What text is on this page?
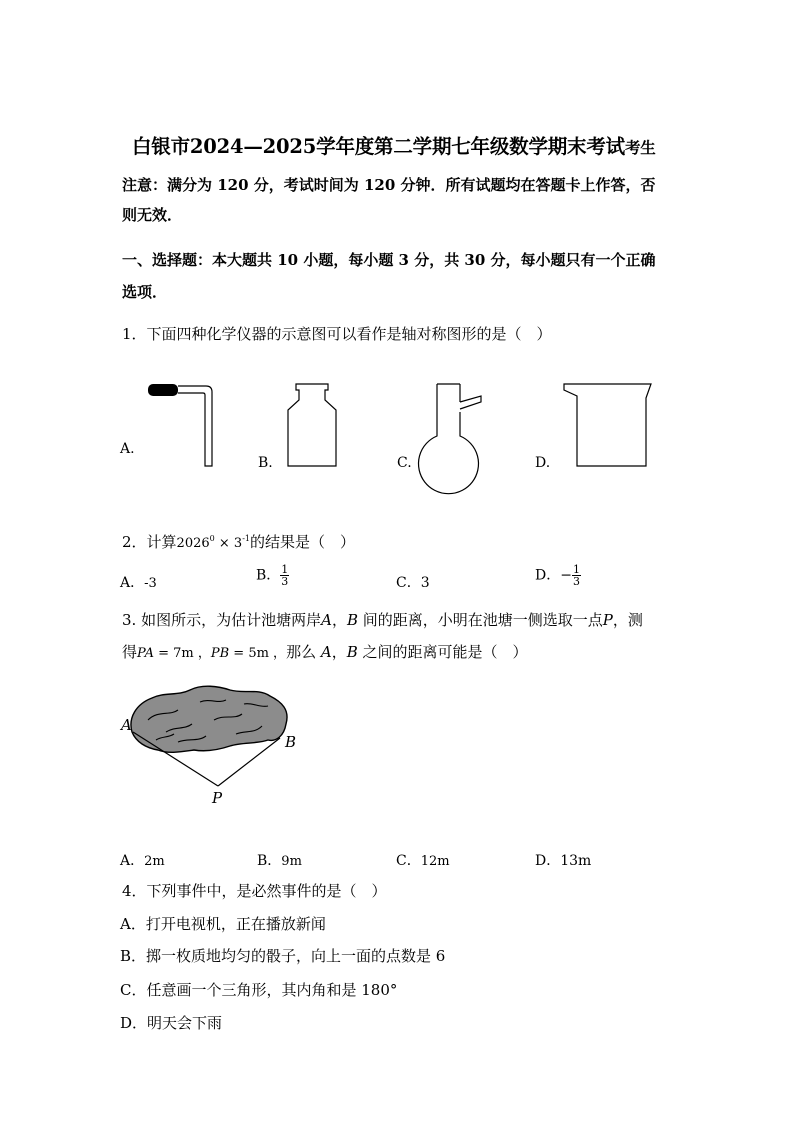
白银市2024—2025学年度第二学期七年级数学期末考试考生
注意：满分为 120 分，考试时间为 120 分钟．所有试题均在答题卡上作答，否
则无效．
一、选择题：本大题共 10 小题，每小题 3 分，共 30 分，每小题只有一个正确
选项．
1．下面四种化学仪器的示意图可以看作是轴对称图形的是（　）
A.
B.	C.	D.
2．计算$2026^0 \times 3^{-1}$的结果是（　）
A．-3	B． $\frac{1}{3}$	C．3	D．− $\frac{1}{3}$
3. 如图所示，为估计池塘两岸A，B 间的距离，小明在池塘一侧选取一点P，测
得PA = 7m ，PB = 5m ，那么 A，B 之间的距离可能是（　）
A
B
P
A．2m	B．9m	C．12m	D．13m
4．下列事件中，是必然事件的是（　）
A．打开电视机，正在播放新闻
B．掷一枚质地均匀的骰子，向上一面的点数是 6
C．任意画一个三角形，其内角和是 180°
D．明天会下雨
